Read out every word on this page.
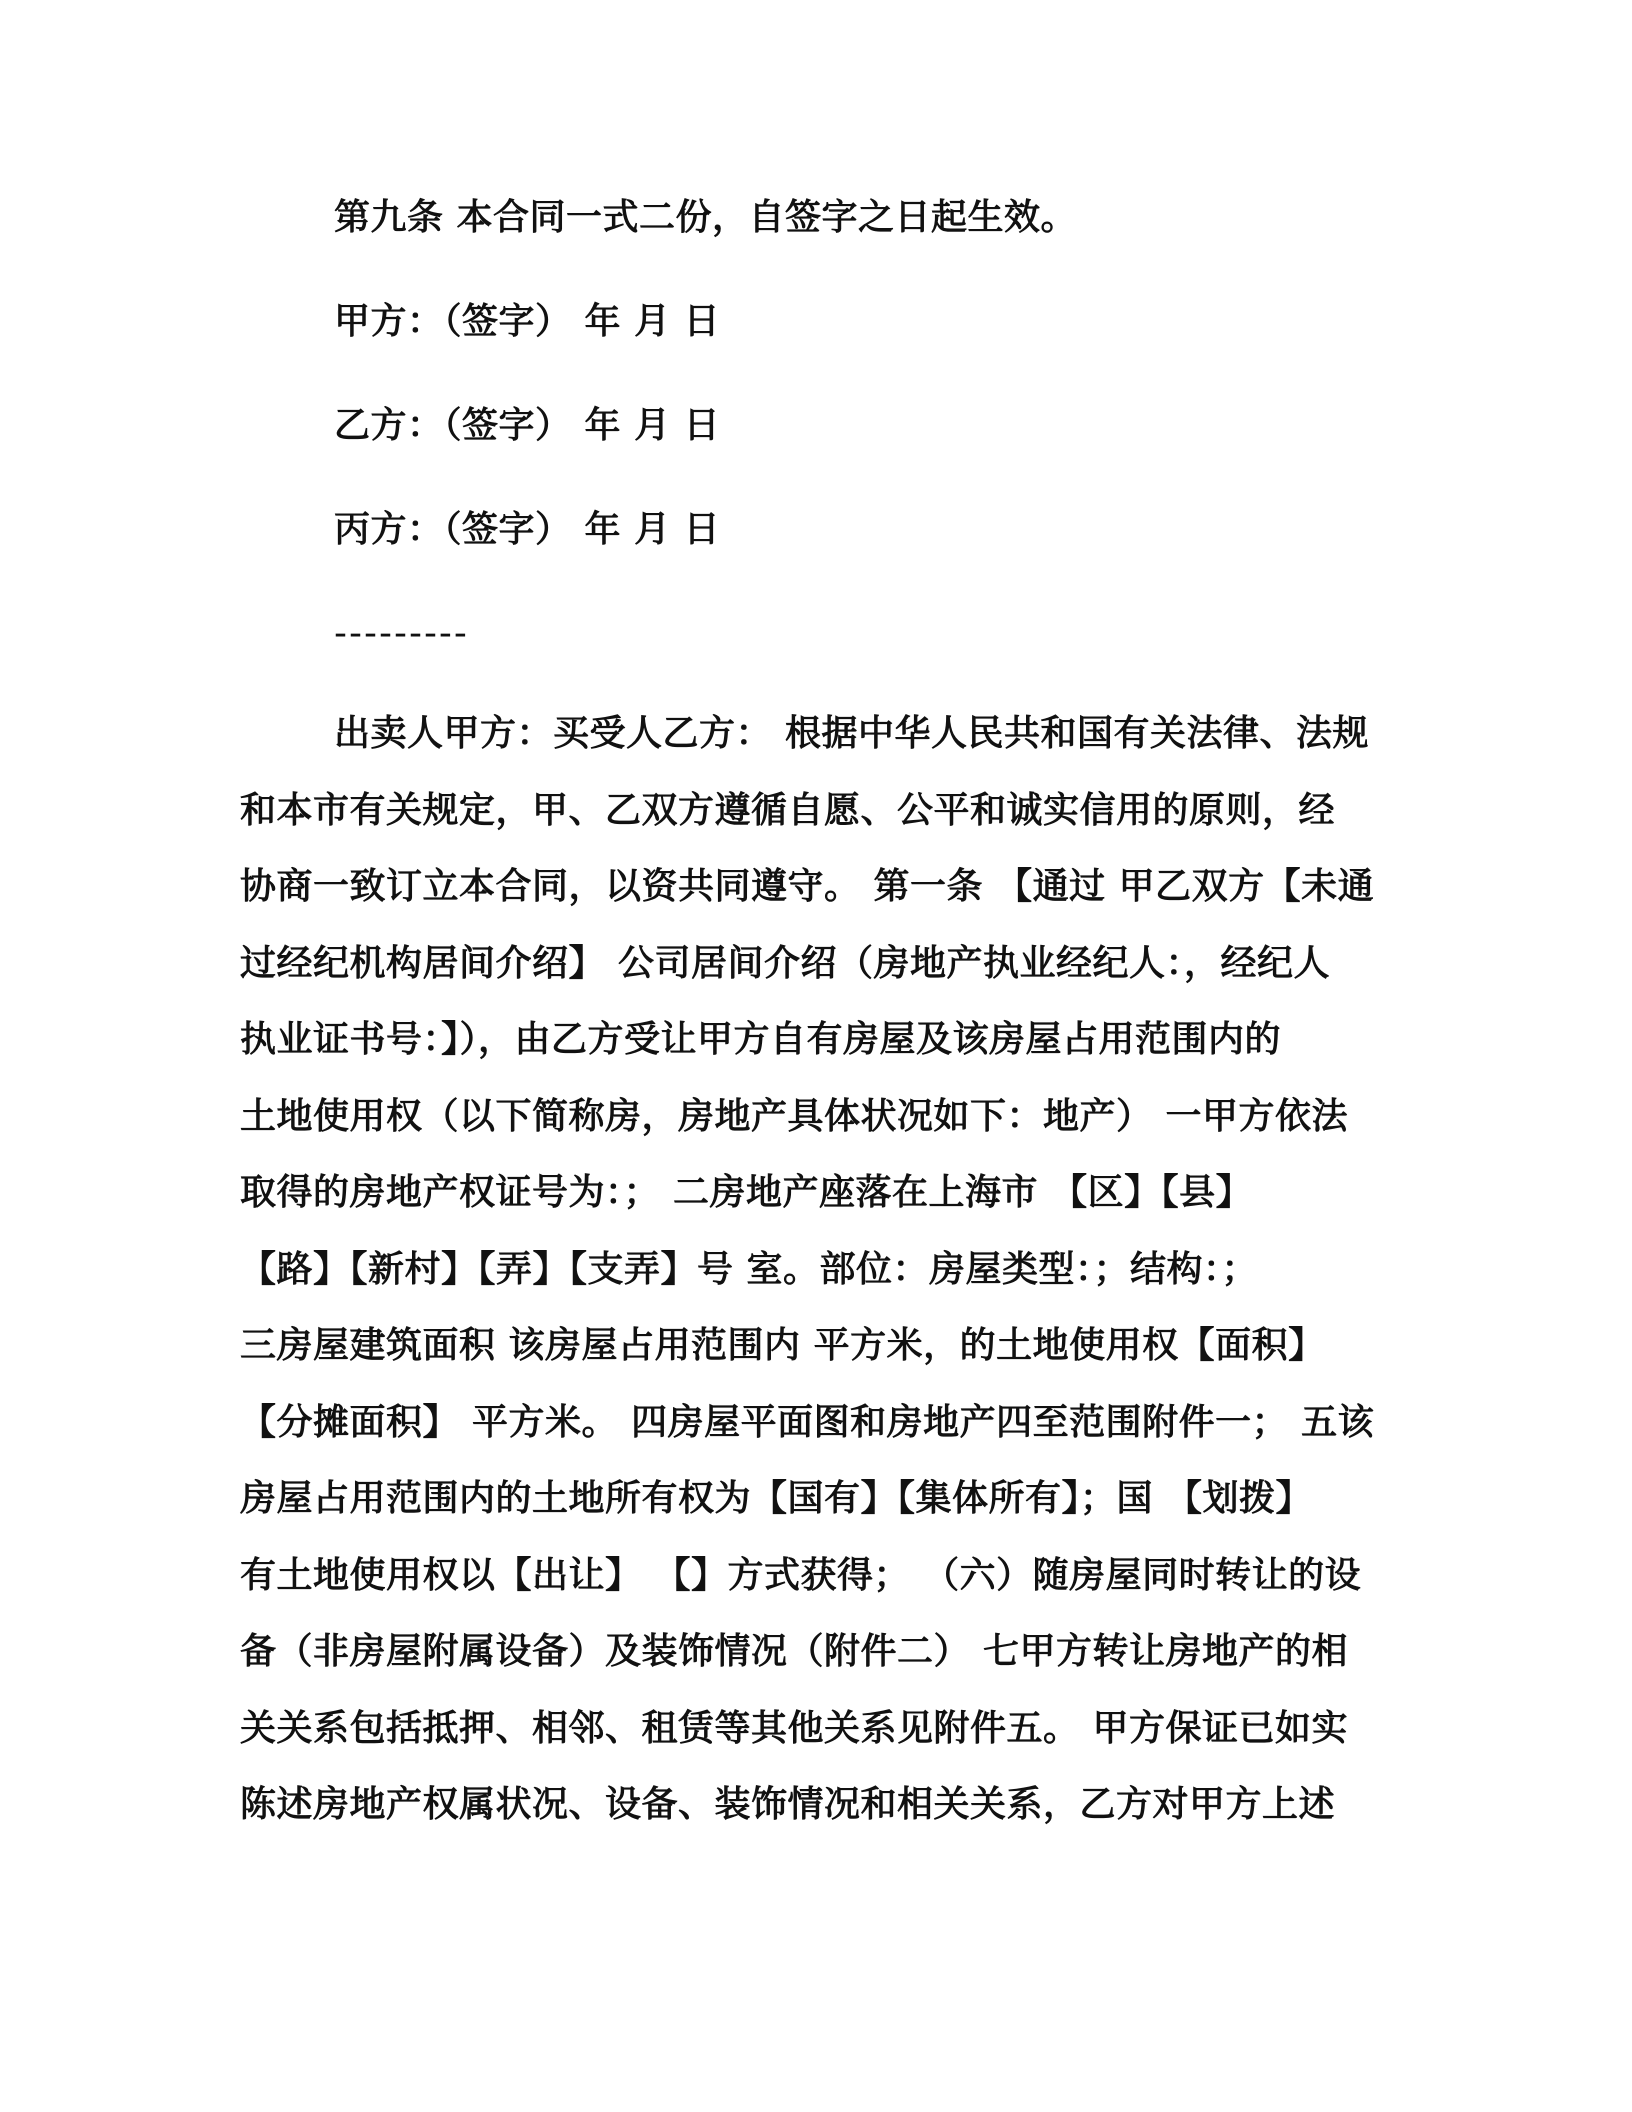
第九条 本合同一式二份，自签字之日起生效。
甲方：（签字） 年 月 日
乙方：（签字） 年 月 日
丙方：（签字） 年 月 日
---------
出卖人甲方：买受人乙方： 根据中华人民共和国有关法律、法规
和本市有关规定，甲、乙双方遵循自愿、公平和诚实信用的原则，经
协商一致订立本合同，以资共同遵守。 第一条 【通过 甲乙双方【未通
过经纪机构居间介绍】 公司居间介绍（房地产执业经纪人：，经纪人
执业证书号：】），由乙方受让甲方自有房屋及该房屋占用范围内的
土地使用权（以下简称房，房地产具体状况如下：地产） 一甲方依法
取得的房地产权证号为：； 二房地产座落在上海市 【区】【县】
【路】【新村】【弄】【支弄】号 室。部位：房屋类型：；结构：；
三房屋建筑面积 该房屋占用范围内 平方米，的土地使用权【面积】
【分摊面积】 平方米。 四房屋平面图和房地产四至范围附件一； 五该
房屋占用范围内的土地所有权为【国有】【集体所有】；国 【划拨】
有土地使用权以【出让】 【】方式获得； （六）随房屋同时转让的设
备（非房屋附属设备）及装饰情况（附件二） 七甲方转让房地产的相
关关系包括抵押、相邻、租赁等其他关系见附件五。 甲方保证已如实
陈述房地产权属状况、设备、装饰情况和相关关系，乙方对甲方上述
